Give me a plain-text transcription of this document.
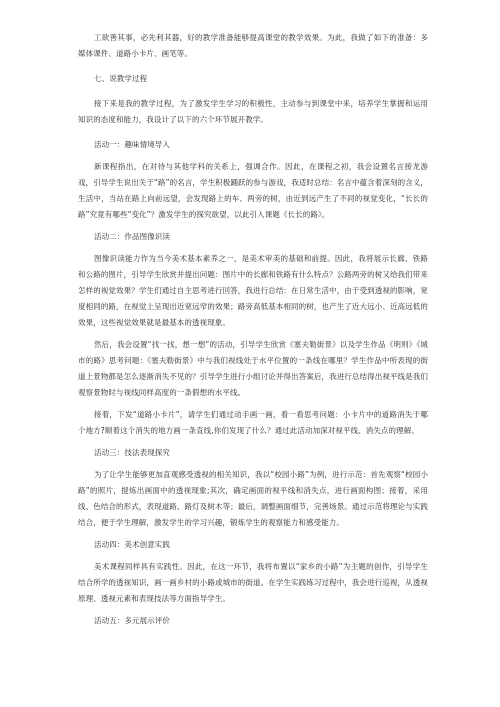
工欲善其事，必先利其器，好的教学准备能够提高课堂的教学效果。为此，我做了如下的准备：多媒体课件、道路小卡片、画笔等。

七、说教学过程

接下来是我的教学过程，为了激发学生学习的积极性，主动参与到课堂中来，培养学生掌握和运用知识的态度和能力，我设计了以下的六个环节展开教学。

活动一：趣味情境导入

新课程指出，在对待与其他学科的关系上，强调合作。因此，在课程之初，我会设置名言接龙游戏，引导学生说出关于“路”的名言，学生积极踊跃的参与游戏，我适时总结：名言中蕴含着深刻的含义，生活中，当站在路上向前远望，会发现路上的车、两旁的树，由近到远产生了不同的视觉变化，“长长的路”究竟有哪些“变化”？激发学生的探究欲望，以此引入课题《长长的路》。

活动二：作品图像识读

图像识读能力作为当今美术基本素养之一，是美术审美的基础和前提。因此，我将展示长廊、铁路和公路的图片，引导学生欣赏并提出问题：图片中的长廊和铁路有什么特点？公路两旁的树又给我们带来怎样的视觉效果？学生们通过自主思考进行回答，我进行总结：在日常生活中，由于受到透视的影响，宽度相同的路，在视觉上呈现出近宽远窄的效果；路旁高低基本相同的树，也产生了近大远小、近高远低的效果，这些视觉效果就是最基本的透视现象。

然后，我会设置“找一找，想一想”的活动，引导学生欣赏《塞夫勒街景》以及学生作品《明则》《城市的路》思考问题：《塞夫勒街景》中与我们视线处于水平位置的一条线在哪里？学生作品中所表现的街道上景物都是怎么逐渐消失不见的？引导学生进行小组讨论并得出答案后，我进行总结得出视平线是我们观察景物时与视线同样高度的一条假想的水平线。

接着，下发“道路小卡片”，请学生们通过动手画一画，看一看思考问题：小卡片中的道路消失于哪个地方?顺着这个消失的地方画一条直线,你们发现了什么？通过此活动加深对视平线、消失点的理解。

活动三：技法表现探究

为了让学生能够更加直观感受透视的相关知识，我以“校园小路”为例，进行示范：首先观察“校园小路”的照片，提炼出画面中的透视现象;其次，确定画面的视平线和消失点，进行画面构图；接着，采用线、色结合的形式，表现道路、路灯及树木等；最后，调整画面细节，完善场景。通过示范将理论与实践结合，便于学生理解，激发学生的学习兴趣，锻炼学生的观察能力和感受能力。

活动四：美术创意实践

美术课程同样具有实践性。因此，在这一环节，我将布置以“家乡的小路”为主题的创作，引导学生结合所学的透视知识，画一画乡村的小路或城市的街道。在学生实践练习过程中，我会进行巡视，从透视原理、透视元素和表现技法等方面指导学生。

活动五：多元展示评价
